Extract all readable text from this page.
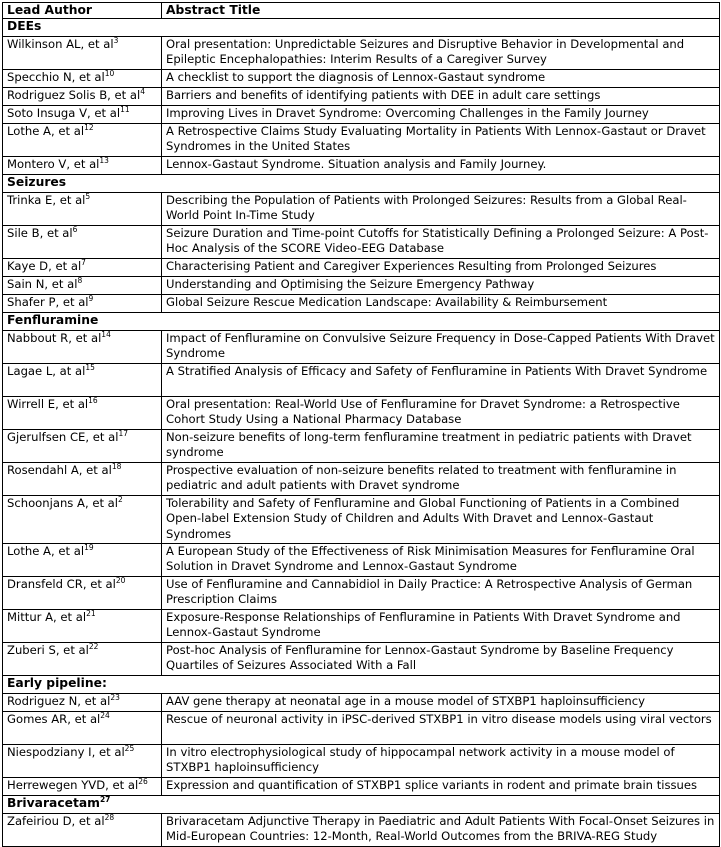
Lead Author	Abstract Title
DEEs	
Wilkinson AL, et $al^3$	Oral presentation: Unpredictable Seizures and Disruptive Behavior in Developmental and Epileptic Encephalopathies: Interim Results of a Caregiver Survey
Specchio N, et $al^{10}$	A checklist to support the diagnosis of Lennox-Gastaut syndrome
Rodriguez Solis B, et $al^4$	Barriers and benefits of identifying patients with DEE in adult care settings
Soto Insuga V, et $al^{11}$	Improving Lives in Dravet Syndrome: Overcoming Challenges in the Family Journey
Lothe A, et $al^{12}$	A Retrospective Claims Study Evaluating Mortality in Patients With Lennox-Gastaut or Dravet Syndromes in the United States
Montero V, et $al^{13}$	Lennox-Gastaut Syndrome. Situation analysis and Family Journey.
Seizures	
Trinka E, et $al^5$	Describing the Population of Patients with Prolonged Seizures: Results from a Global Real-World Point In-Time Study
Sile B, et $al^6$	Seizure Duration and Time-point Cutoffs for Statistically Defining a Prolonged Seizure: A Post-Hoc Analysis of the SCORE Video-EEG Database
Kaye D, et $al^7$	Characterising Patient and Caregiver Experiences Resulting from Prolonged Seizures
Sain N, et $al^8$	Understanding and Optimising the Seizure Emergency Pathway
Shafer P, et $al^9$	Global Seizure Rescue Medication Landscape: Availability & Reimbursement
Fenfluramine	
Nabbout R, et $al^{14}$	Impact of Fenfluramine on Convulsive Seizure Frequency in Dose-Capped Patients With Dravet Syndrome
Lagae L, at $al^{15}$	A Stratified Analysis of Efficacy and Safety of Fenfluramine in Patients With Dravet Syndrome
Wirrell E, et $al^{16}$	Oral presentation: Real-World Use of Fenfluramine for Dravet Syndrome: a Retrospective Cohort Study Using a National Pharmacy Database
Gjerulfsen CE, et $al^{17}$	Non-seizure benefits of long-term fenfluramine treatment in pediatric patients with Dravet syndrome
Rosendahl A, et $al^{18}$	Prospective evaluation of non-seizure benefits related to treatment with fenfluramine in pediatric and adult patients with Dravet syndrome
Schoonjans A, et $al^2$	Tolerability and Safety of Fenfluramine and Global Functioning of Patients in a Combined Open-label Extension Study of Children and Adults With Dravet and Lennox-Gastaut Syndromes
Lothe A, et $al^{19}$	A European Study of the Effectiveness of Risk Minimisation Measures for Fenfluramine Oral Solution in Dravet Syndrome and Lennox-Gastaut Syndrome
Dransfeld CR, et $al^{20}$	Use of Fenfluramine and Cannabidiol in Daily Practice: A Retrospective Analysis of German Prescription Claims
Mittur A, et $al^{21}$	Exposure-Response Relationships of Fenfluramine in Patients With Dravet Syndrome and Lennox-Gastaut Syndrome
Zuberi S, et $al^{22}$	Post-hoc Analysis of Fenfluramine for Lennox-Gastaut Syndrome by Baseline Frequency Quartiles of Seizures Associated With a Fall
Early pipeline:	
Rodriguez N, et $al^{23}$	AAV gene therapy at neonatal age in a mouse model of STXBP1 haploinsufficiency
Gomes AR, et $al^{24}$	Rescue of neuronal activity in iPSC-derived STXBP1 in vitro disease models using viral vectors
Niespodziany I, et $al^{25}$	In vitro electrophysiological study of hippocampal network activity in a mouse model of STXBP1 haploinsufficiency
Herrewegen YVD, et $al^{26}$	Expression and quantification of STXBP1 splice variants in rodent and primate brain tissues
Brivaracetam$^{27}$
Zafeiriou D, et $al^{28}$	Brivaracetam Adjunctive Therapy in Paediatric and Adult Patients With Focal-Onset Seizures in Mid-European Countries: 12-Month, Real-World Outcomes from the BRIVA-REG Study
